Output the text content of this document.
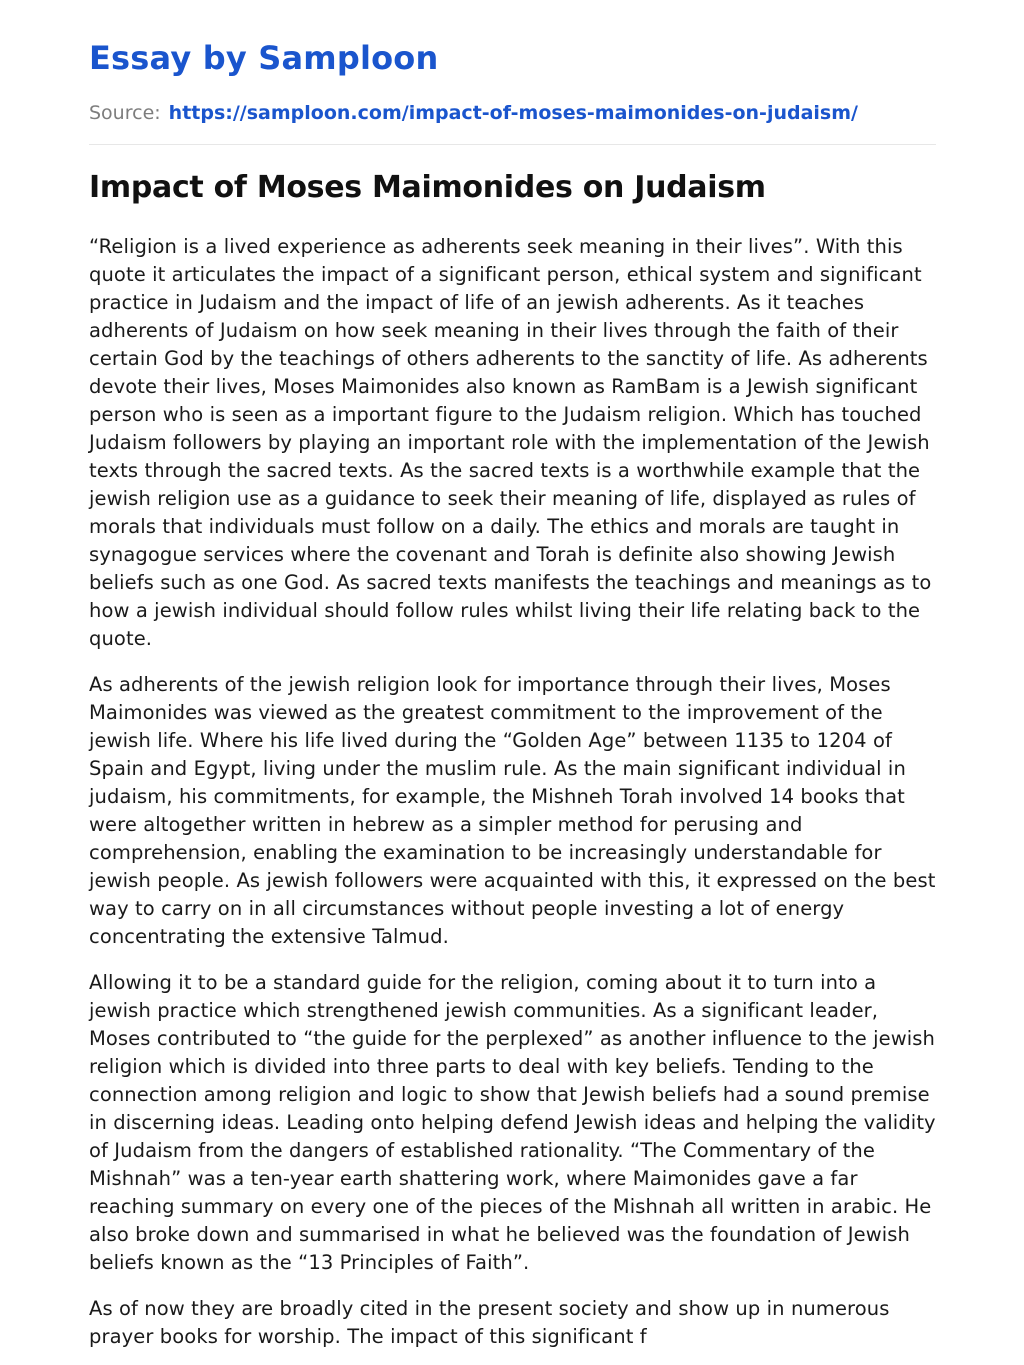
Essay by Samploon

Source: https://samploon.com/impact-of-moses-maimonides-on-judaism/

Impact of Moses Maimonides on Judaism

“Religion is a lived experience as adherents seek meaning in their lives”. With this quote it articulates the impact of a significant person, ethical system and significant practice in Judaism and the impact of life of an jewish adherents. As it teaches adherents of Judaism on how seek meaning in their lives through the faith of their certain God by the teachings of others adherents to the sanctity of life. As adherents devote their lives, Moses Maimonides also known as RamBam is a Jewish significant person who is seen as a important figure to the Judaism religion. Which has touched Judaism followers by playing an important role with the implementation of the Jewish texts through the sacred texts. As the sacred texts is a worthwhile example that the jewish religion use as a guidance to seek their meaning of life, displayed as rules of morals that individuals must follow on a daily. The ethics and morals are taught in synagogue services where the covenant and Torah is definite also showing Jewish beliefs such as one God. As sacred texts manifests the teachings and meanings as to how a jewish individual should follow rules whilst living their life relating back to the quote.

As adherents of the jewish religion look for importance through their lives, Moses Maimonides was viewed as the greatest commitment to the improvement of the jewish life. Where his life lived during the “Golden Age” between 1135 to 1204 of Spain and Egypt, living under the muslim rule. As the main significant individual in judaism, his commitments, for example, the Mishneh Torah involved 14 books that were altogether written in hebrew as a simpler method for perusing and comprehension, enabling the examination to be increasingly understandable for jewish people. As jewish followers were acquainted with this, it expressed on the best way to carry on in all circumstances without people investing a lot of energy concentrating the extensive Talmud.

Allowing it to be a standard guide for the religion, coming about it to turn into a jewish practice which strengthened jewish communities. As a significant leader, Moses contributed to “the guide for the perplexed” as another influence to the jewish religion which is divided into three parts to deal with key beliefs. Tending to the connection among religion and logic to show that Jewish beliefs had a sound premise in discerning ideas. Leading onto helping defend Jewish ideas and helping the validity of Judaism from the dangers of established rationality. “The Commentary of the Mishnah” was a ten-year earth shattering work, where Maimonides gave a far reaching summary on every one of the pieces of the Mishnah all written in arabic. He also broke down and summarised in what he believed was the foundation of Jewish beliefs known as the “13 Principles of Faith”.

As of now they are broadly cited in the present society and show up in numerous prayer books for worship. The impact of this significant f
